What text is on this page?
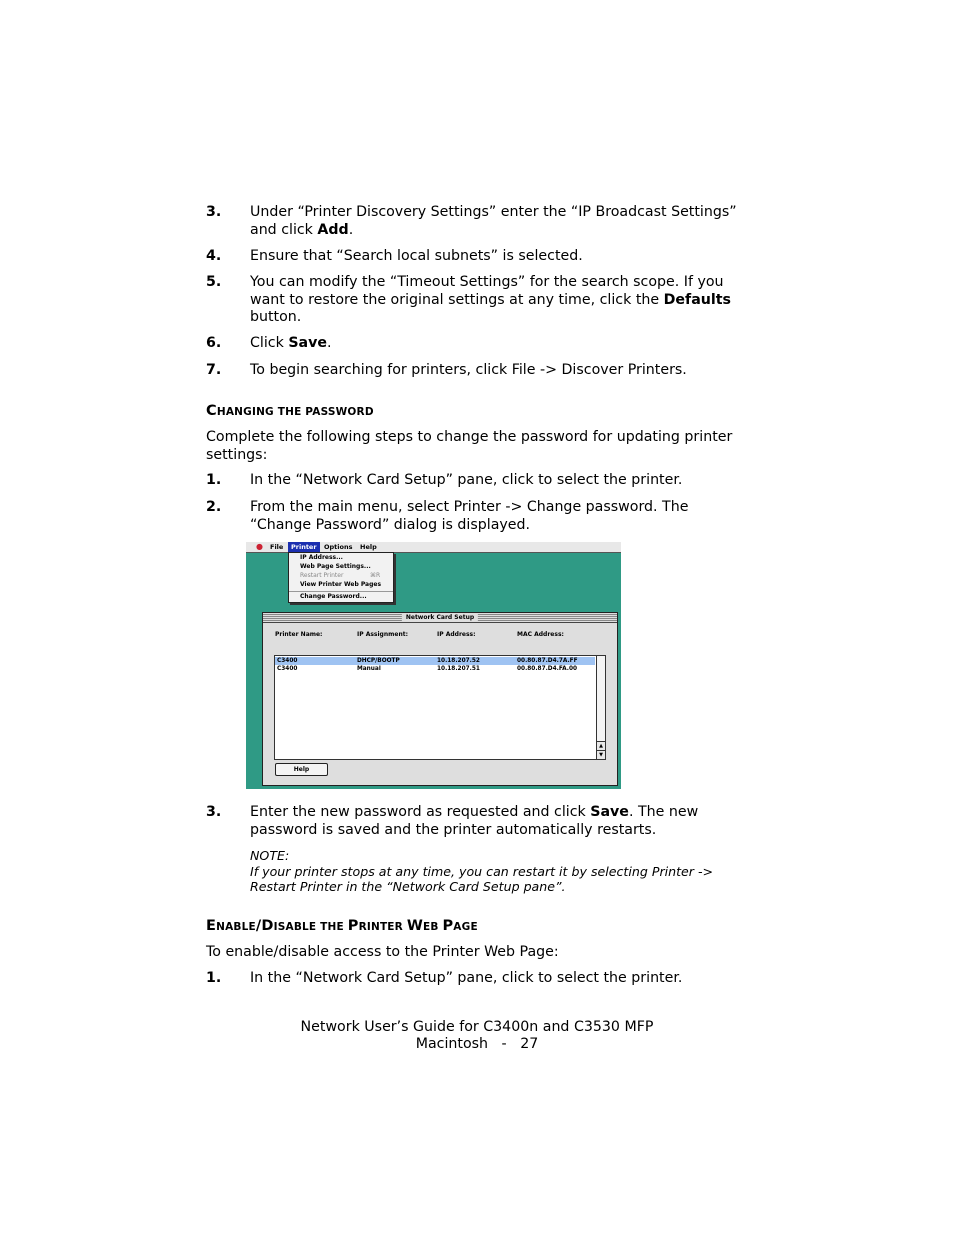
3. Under “Printer Discovery Settings” enter the “IP Broadcast Settings”
and click Add.
4. Ensure that “Search local subnets” is selected.
5. You can modify the “Timeout Settings” for the search scope. If you
want to restore the original settings at any time, click the Defaults
button.
6. Click Save.
7. To begin searching for printers, click File -> Discover Printers.
CHANGING THE PASSWORD
Complete the following steps to change the password for updating printer
settings:
1. In the “Network Card Setup” pane, click to select the printer.
2. From the main menu, select Printer -> Change password. The
“Change Password” dialog is displayed.
●	File	Printer	Options	Help
IP Address...
Web Page Settings...
Restart Printer	⌘R
View Printer Web Pages
Change Password...
Network Card Setup
Printer Name:	IP Assignment:	IP Address:	MAC Address:
C3400	DHCP/BOOTP	10.18.207.52	00.80.87.D4.7A.FF
C3400	Manual	10.18.207.51	00.80.87.D4.FA.00
▲
▼
Help
3. Enter the new password as requested and click Save. The new
password is saved and the printer automatically restarts.
NOTE:
If your printer stops at any time, you can restart it by selecting Printer ->
Restart Printer in the “Network Card Setup pane”.
ENABLE/DISABLE THE PRINTER WEB PAGE
To enable/disable access to the Printer Web Page:
1. In the “Network Card Setup” pane, click to select the printer.
Network User’s Guide for C3400n and C3530 MFP
Macintosh   -   27
